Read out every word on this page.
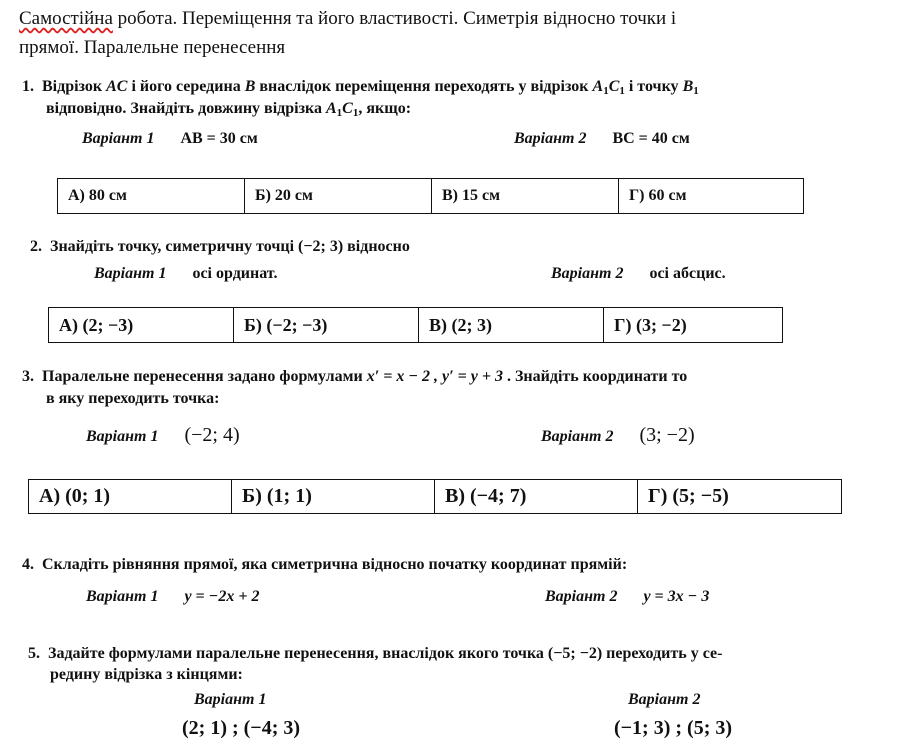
Самостійна робота. Переміщення та його властивості. Симетрія відносно точки і
прямої. Паралельне перенесення
1. Відрізок AC і його середина B внаслідок переміщення переходять у відрізок A1C1 і точку B1
відповідно. Знайдіть довжину відрізка A1C1, якщо:
Варіант 1 AB = 30 см	Варіант 2 BC = 40 см
А) 80 см	Б) 20 см	В) 15 см	Г) 60 см
2. Знайдіть точку, симетричну точці (−2; 3) відносно
Варіант 1 осі ординат.	Варіант 2 осі абсцис.
А) (2; −3)	Б) (−2; −3)	В) (2; 3)	Г) (3; −2)
3. Паралельне перенесення задано формулами x′ = x − 2 , y′ = y + 3 . Знайдіть координати то
в яку переходить точка:
Варіант 1 (−2; 4)	Варіант 2 (3; −2)
А) (0; 1)	Б) (1; 1)	В) (−4; 7)	Г) (5; −5)
4. Складіть рівняння прямої, яка симетрична відносно початку координат прямій:
Варіант 1 y = −2x + 2	Варіант 2 y = 3x − 3
5. Задайте формулами паралельне перенесення, внаслідок якого точка (−5; −2) переходить у се-
редину відрізка з кінцями:
Варіант 1	Варіант 2
(2; 1) ; (−4; 3)	(−1; 3) ; (5; 3)
